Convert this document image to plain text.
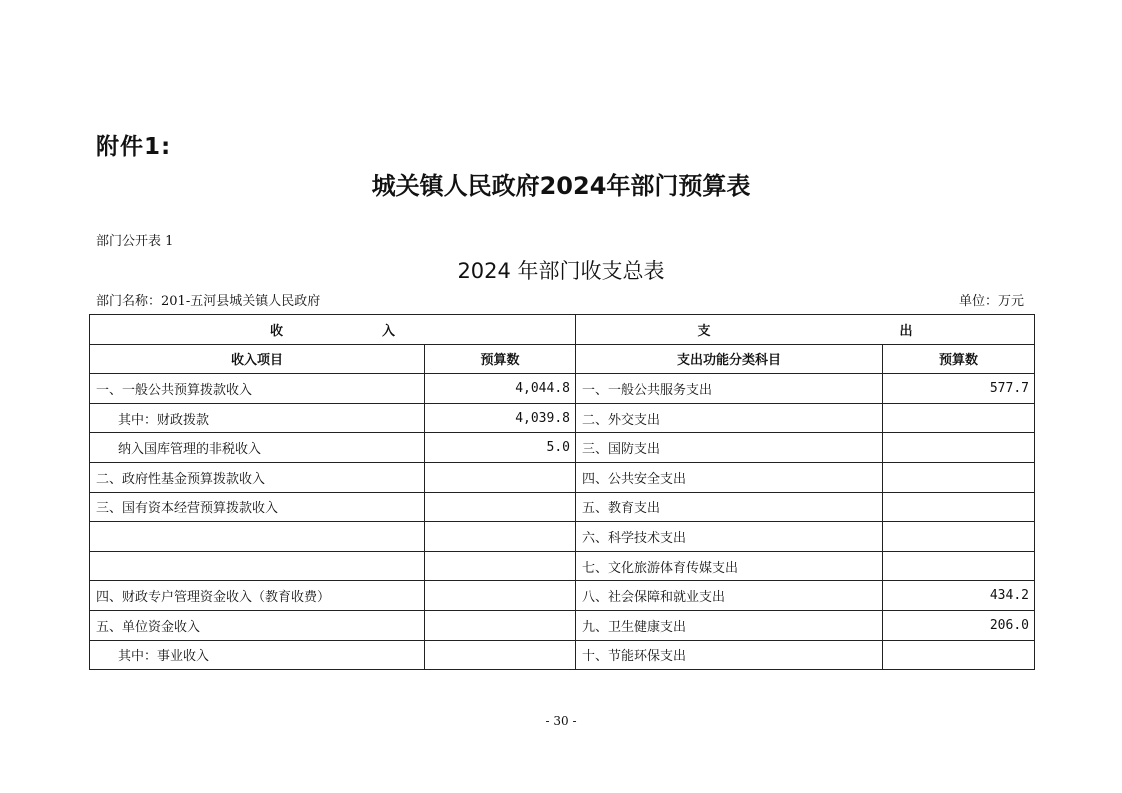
附件1:
城关镇人民政府2024年部门预算表
部门公开表 1
2024 年部门收支总表
部门名称：201-五河县城关镇人民政府	单位：万元
收 入		支 出	
收入项目	预算数	支出功能分类科目	预算数
一、一般公共预算拨款收入	4,044.8	一、一般公共服务支出	577.7
其中：财政拨款	4,039.8	二、外交支出	
纳入国库管理的非税收入	5.0	三、国防支出	
二、政府性基金预算拨款收入		四、公共安全支出	
三、国有资本经营预算拨款收入		五、教育支出	
		六、科学技术支出	
		七、文化旅游体育传媒支出	
四、财政专户管理资金收入（教育收费）		八、社会保障和就业支出	434.2
五、单位资金收入		九、卫生健康支出	206.0
其中：事业收入		十、节能环保支出	
- 30 -
